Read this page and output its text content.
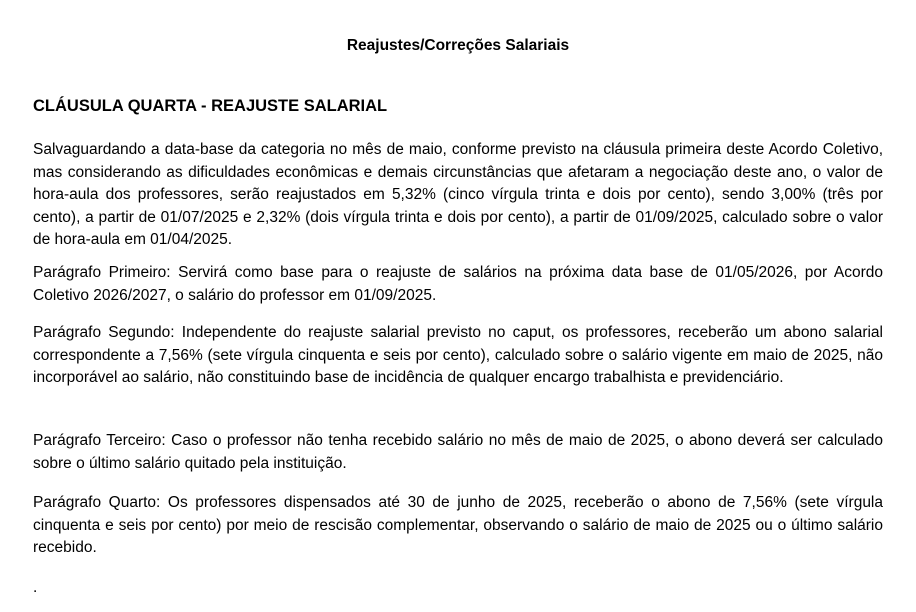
Reajustes/Correções Salariais
CLÁUSULA QUARTA - REAJUSTE SALARIAL

Salvaguardando a data-base da categoria no mês de maio, conforme previsto na cláusula primeira deste Acordo Coletivo, mas considerando as dificuldades econômicas e demais circunstâncias que afetaram a negociação deste ano, o valor de hora-aula dos professores, serão reajustados em 5,32% (cinco vírgula trinta e dois por cento), sendo 3,00% (três por cento), a partir de 01/07/2025 e 2,32% (dois vírgula trinta e dois por cento), a partir de 01/09/2025, calculado sobre o valor de hora-aula em 01/04/2025.

Parágrafo Primeiro: Servirá como base para o reajuste de salários na próxima data base de 01/05/2026, por Acordo Coletivo 2026/2027, o salário do professor em 01/09/2025.

Parágrafo Segundo: Independente do reajuste salarial previsto no caput, os professores, receberão um abono salarial correspondente a 7,56% (sete vírgula cinquenta e seis por cento), calculado sobre o salário vigente em maio de 2025, não incorporável ao salário, não constituindo base de incidência de qualquer encargo trabalhista e previdenciário.

Parágrafo Terceiro: Caso o professor não tenha recebido salário no mês de maio de 2025, o abono deverá ser calculado sobre o último salário quitado pela instituição.

Parágrafo Quarto: Os professores dispensados até 30 de junho de 2025, receberão o abono de 7,56% (sete vírgula cinquenta e seis por cento) por meio de rescisão complementar, observando o salário de maio de 2025 ou o último salário recebido.

.
